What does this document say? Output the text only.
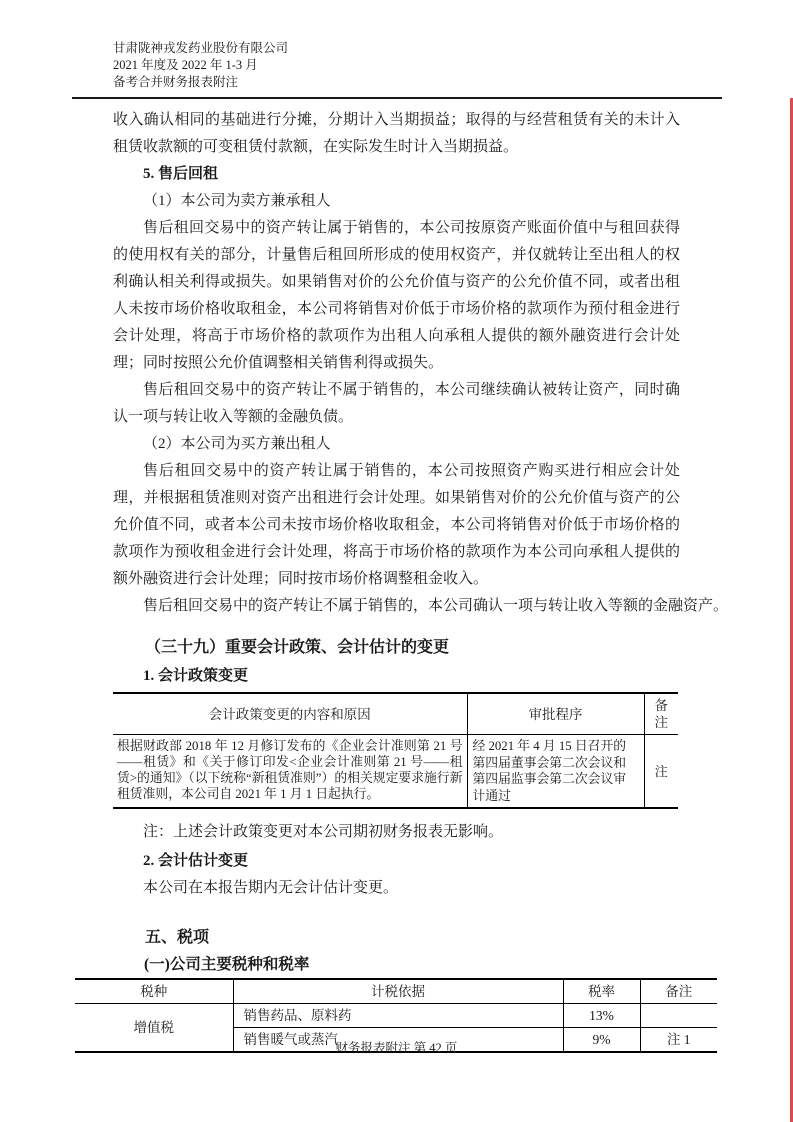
甘肃陇神戎发药业股份有限公司
2021 年度及 2022 年 1-3 月
备考合并财务报表附注

收入确认相同的基础进行分摊，分期计入当期损益；取得的与经营租赁有关的未计入租赁收款额的可变租赁付款额，在实际发生时计入当期损益。

5. 售后回租

（1）本公司为卖方兼承租人

售后租回交易中的资产转让属于销售的，本公司按原资产账面价值中与租回获得的使用权有关的部分，计量售后租回所形成的使用权资产，并仅就转让至出租人的权利确认相关利得或损失。如果销售对价的公允价值与资产的公允价值不同，或者出租人未按市场价格收取租金，本公司将销售对价低于市场价格的款项作为预付租金进行会计处理，将高于市场价格的款项作为出租人向承租人提供的额外融资进行会计处理；同时按照公允价值调整相关销售利得或损失。

售后租回交易中的资产转让不属于销售的，本公司继续确认被转让资产，同时确认一项与转让收入等额的金融负债。

（2）本公司为买方兼出租人

售后租回交易中的资产转让属于销售的，本公司按照资产购买进行相应会计处理，并根据租赁准则对资产出租进行会计处理。如果销售对价的公允价值与资产的公允价值不同，或者本公司未按市场价格收取租金，本公司将销售对价低于市场价格的款项作为预收租金进行会计处理，将高于市场价格的款项作为本公司向承租人提供的额外融资进行会计处理；同时按市场价格调整租金收入。

售后租回交易中的资产转让不属于销售的，本公司确认一项与转让收入等额的金融资产。

（三十九）重要会计政策、会计估计的变更

1. 会计政策变更

会计政策变更的内容和原因	审批程序	备注
根据财政部 2018 年 12 月修订发布的《企业会计准则第 21 号——租赁》和《关于修订印发<企业会计准则第 21 号——租赁>的通知》（以下统称“新租赁准则”）的相关规定要求施行新租赁准则，本公司自 2021 年 1 月 1 日起执行。	经 2021 年 4 月 15 日召开的第四届董事会第二次会议和第四届监事会第二次会议审计通过	注

注：上述会计政策变更对本公司期初财务报表无影响。

2. 会计估计变更

本公司在本报告期内无会计估计变更。

五、税项

(一)公司主要税种和税率

税种	计税依据	税率	备注
增值税	销售药品、原料药	13%	
	销售暖气或蒸汽	9%	注 1
财务报表附注 第 42 页
